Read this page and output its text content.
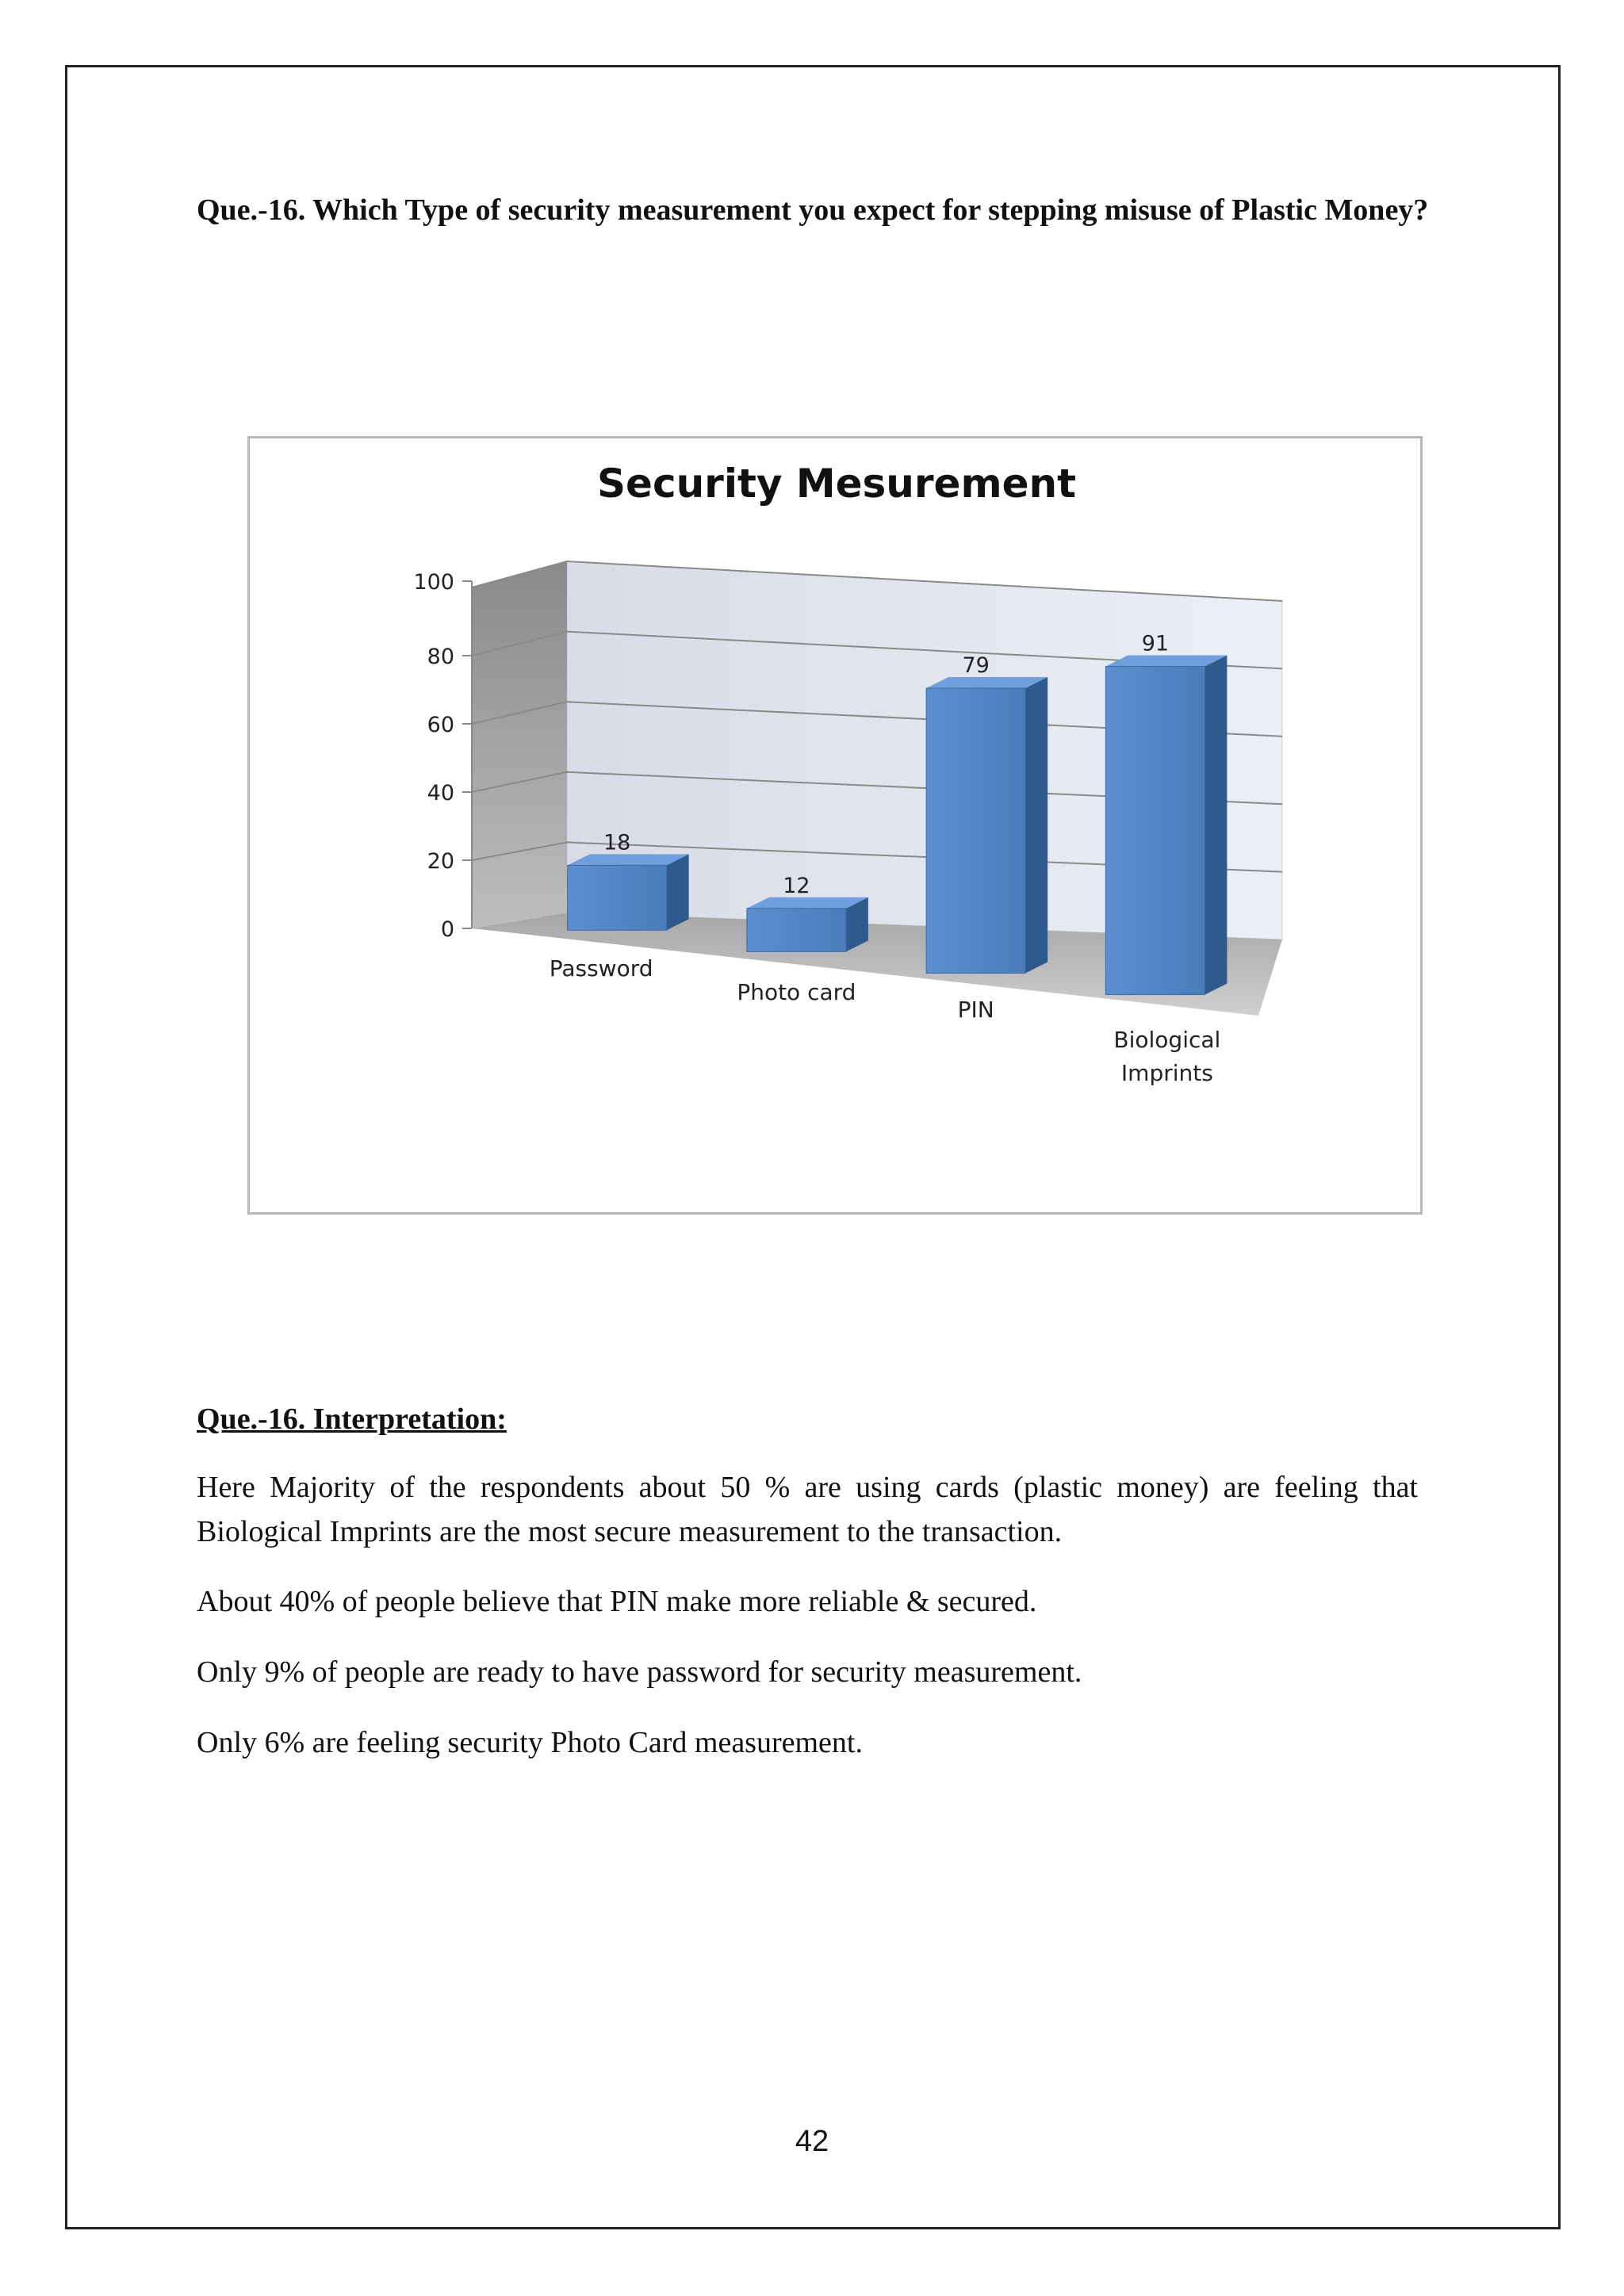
Que.-16. Which Type of security measurement you expect for stepping misuse of Plastic Money?
Security Mesurement
0
20
40
60
80
100
18
Password
12
Photo card
79
PIN
91
Biological
Imprints
Que.-16. Interpretation:

Here Majority of the respondents about 50 % are using cards (plastic money) are feeling that Biological Imprints are the most secure measurement to the transaction.

About 40% of people believe that PIN make more reliable & secured.

Only 9% of people are ready to have password for security measurement.

Only 6% are feeling security Photo Card measurement.

42
